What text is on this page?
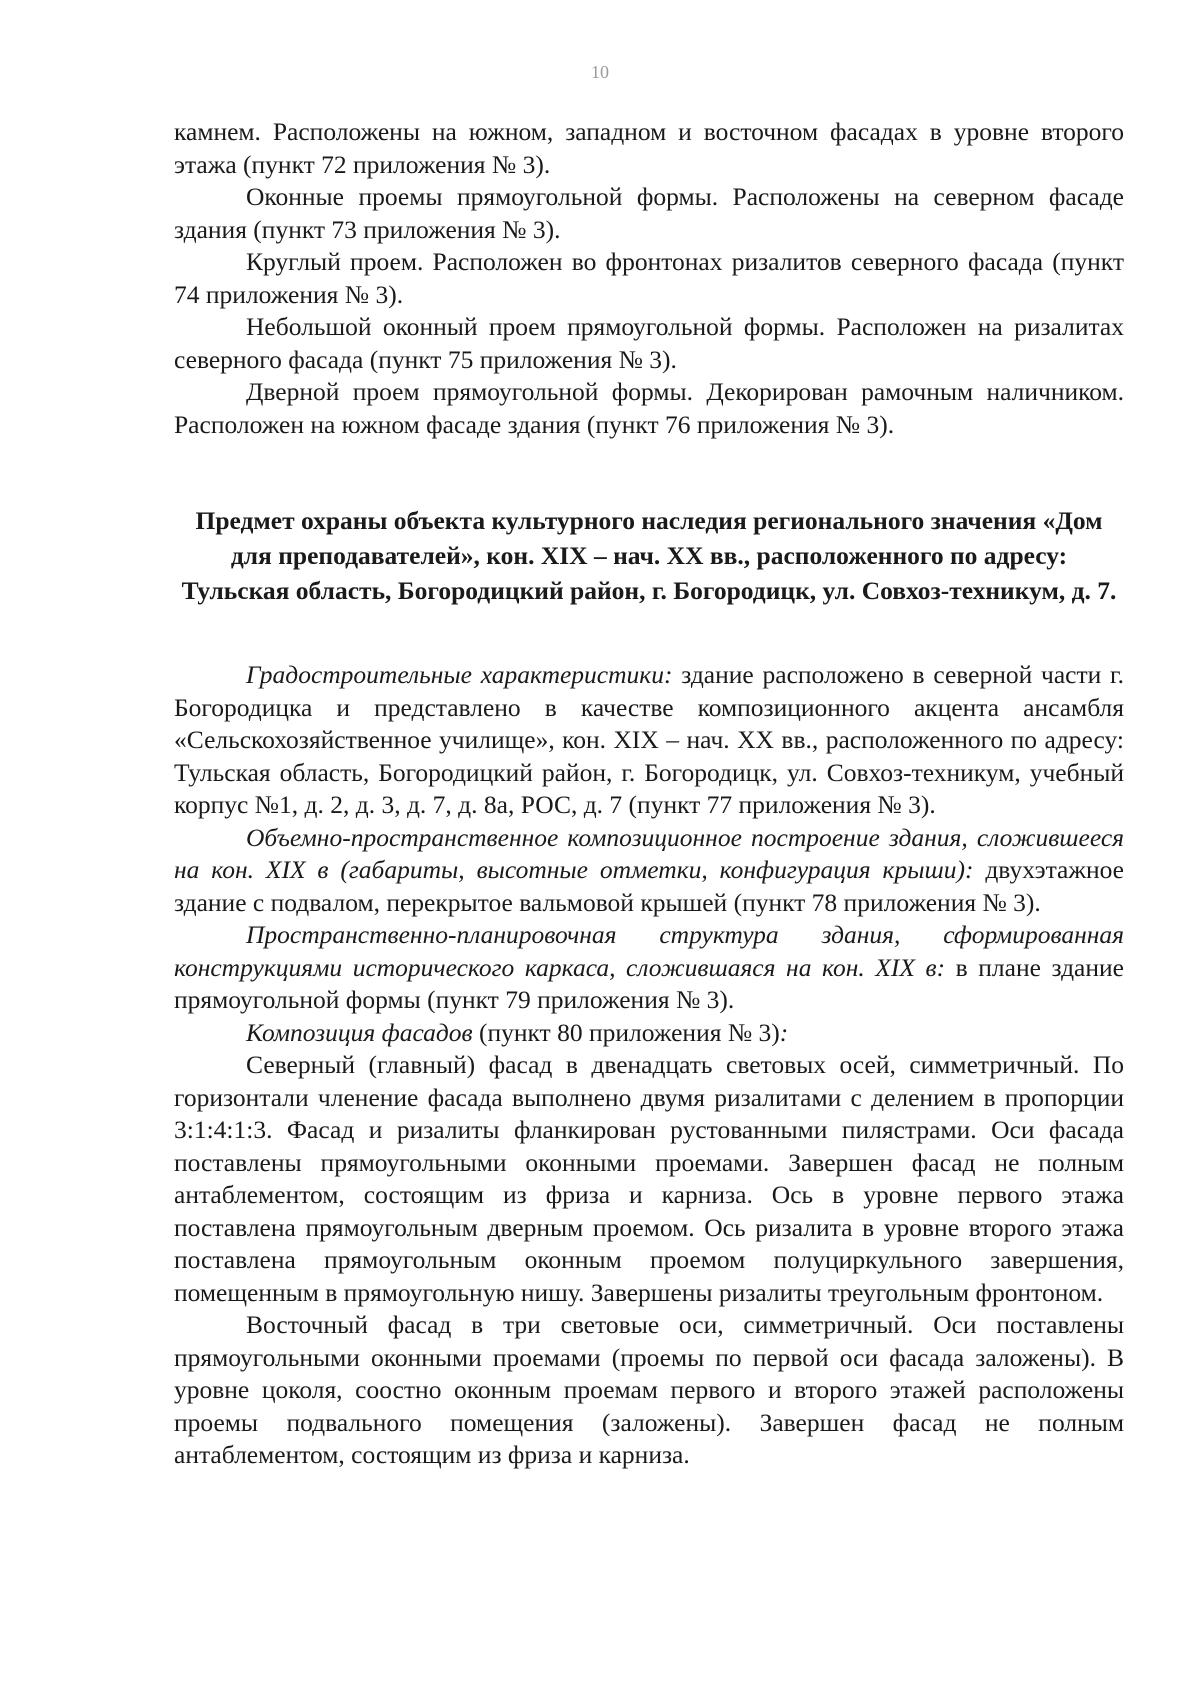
10

камнем. Расположены на южном, западном и восточном фасадах в уровне второго этажа (пункт 72 приложения № 3).

Оконные проемы прямоугольной формы. Расположены на северном фасаде здания (пункт 73 приложения № 3).

Круглый проем. Расположен во фронтонах ризалитов северного фасада (пункт 74 приложения № 3).

Небольшой оконный проем прямоугольной формы. Расположен на ризалитах северного фасада (пункт 75 приложения № 3).

Дверной проем прямоугольной формы. Декорирован рамочным наличником. Расположен на южном фасаде здания (пункт 76 приложения № 3).

Предмет охраны объекта культурного наследия регионального значения «Дом для преподавателей», кон. XIX – нач. XX вв., расположенного по адресу: Тульская область, Богородицкий район, г. Богородицк, ул. Совхоз-техникум, д. 7.

Градостроительные характеристики: здание расположено в северной части г. Богородицка и представлено в качестве композиционного акцента ансамбля «Сельскохозяйственное училище», кон. XIX – нач. XX вв., расположенного по адресу: Тульская область, Богородицкий район, г. Богородицк, ул. Совхоз-техникум, учебный корпус №1, д. 2, д. 3, д. 7, д. 8а, РОС, д. 7 (пункт 77 приложения № 3).

Объемно-пространственное композиционное построение здания, сложившееся на кон. XIX в (габариты, высотные отметки, конфигурация крыши): двухэтажное здание с подвалом, перекрытое вальмовой крышей (пункт 78 приложения № 3).

Пространственно-планировочная структура здания, сформированная конструкциями исторического каркаса, сложившаяся на кон. XIX в: в плане здание прямоугольной формы (пункт 79 приложения № 3).

Композиция фасадов (пункт 80 приложения № 3):

Северный (главный) фасад в двенадцать световых осей, симметричный. По горизонтали членение фасада выполнено двумя ризалитами с делением в пропорции 3:1:4:1:3. Фасад и ризалиты фланкирован рустованными пилястрами. Оси фасада поставлены прямоугольными оконными проемами. Завершен фасад не полным антаблементом, состоящим из фриза и карниза. Ось в уровне первого этажа поставлена прямоугольным дверным проемом. Ось ризалита в уровне второго этажа поставлена прямоугольным оконным проемом полуциркульного завершения, помещенным в прямоугольную нишу. Завершены ризалиты треугольным фронтоном.

Восточный фасад в три световые оси, симметричный. Оси поставлены прямоугольными оконными проемами (проемы по первой оси фасада заложены). В уровне цоколя, соостно оконным проемам первого и второго этажей расположены проемы подвального помещения (заложены). Завершен фасад не полным антаблементом, состоящим из фриза и карниза.
